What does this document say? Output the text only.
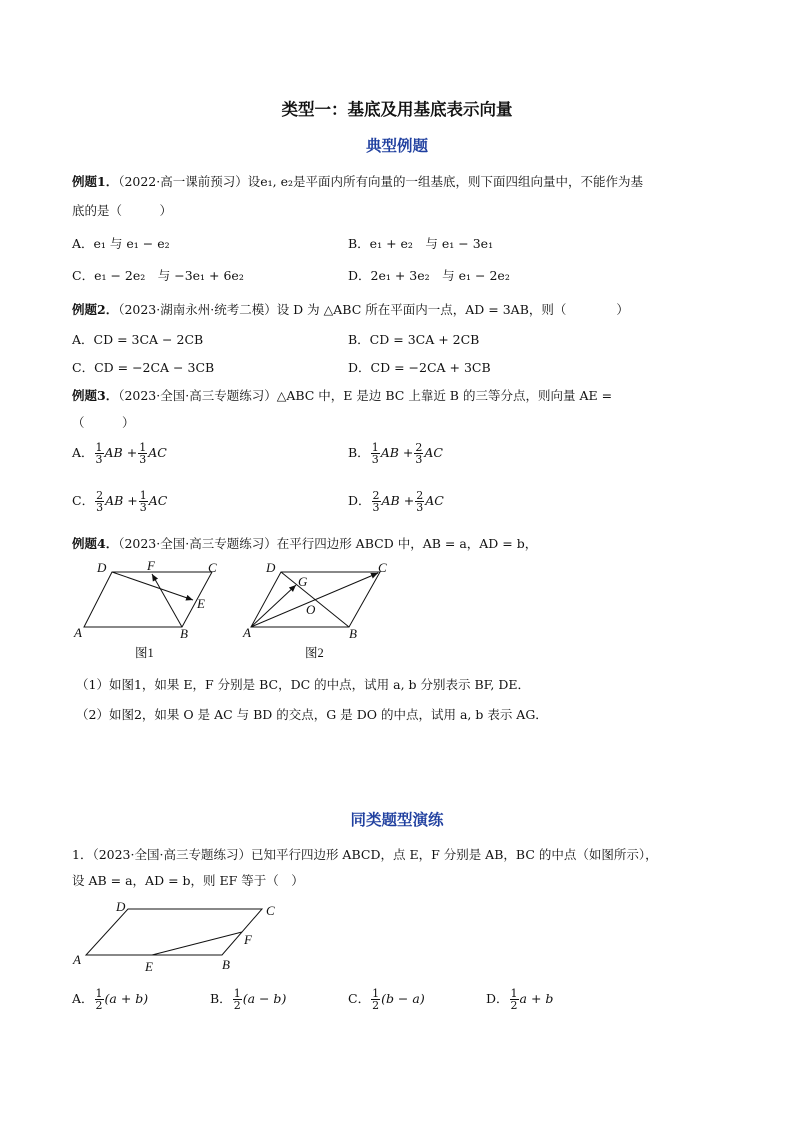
类型一：基底及用基底表示向量
典型例题
例题1．（2022·高一课前预习）设e₁, e₂是平面内所有向量的一组基底，则下面四组向量中，不能作为基
底的是（　　　）
A．e₁ 与 e₁ − e₂	B．e₁ + e₂　与 e₁ − 3e₁
C．e₁ − 2e₂　与 −3e₁ + 6e₂	D．2e₁ + 3e₂　与 e₁ − 2e₂
例题2．（2023·湖南永州·统考二模）设 D 为 △ABC 所在平面内一点，AD = 3AB，则（　　　　）
A．CD = 3CA − 2CB	B．CD = 3CA + 2CB
C．CD = −2CA − 3CB	D．CD = −2CA + 3CB
例题3．（2023·全国·高三专题练习）△ABC 中，E 是边 BC 上靠近 B 的三等分点，则向量 AE =
（　　　）
A． $\frac{1}{3}$ AB + $\frac{1}{3}$ AC	B． $\frac{1}{3}$ AB + $\frac{2}{3}$ AC
C． $\frac{2}{3}$ AB + $\frac{1}{3}$ AC	D． $\frac{2}{3}$ AB + $\frac{2}{3}$ AC
例题4．（2023·全国·高三专题练习）在平行四边形 ABCD 中，AB = a，AD = b，
A	B
C
D
E
F
图1
A	B
C
D
G
O
图2
（1）如图1，如果 E，F 分别是 BC，DC 的中点，试用 a, b 分别表示 BF, DE．
（2）如图2，如果 O 是 AC 与 BD 的交点，G 是 DO 的中点，试用 a, b 表示 AG．
同类题型演练
1．（2023·全国·高三专题练习）已知平行四边形 ABCD，点 E，F 分别是 AB，BC 的中点（如图所示），
设 AB = a，AD = b，则 EF 等于（　）
A	B
C
D
E
F
A． $\frac{1}{2} (a + b)$	B． $\frac{1}{2} (a - b)$	C． $\frac{1}{2} (b - a)$	D． $\frac{1}{2}$ a + b
